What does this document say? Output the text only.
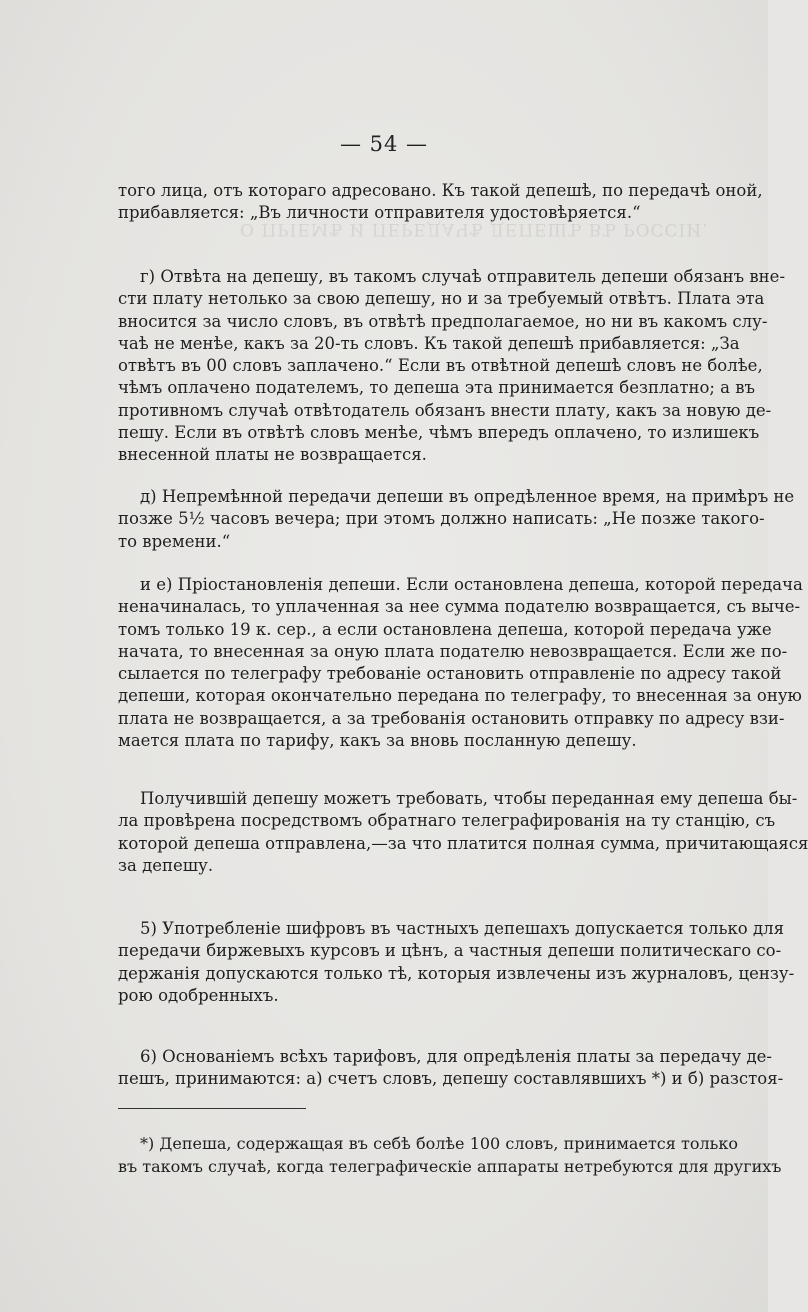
О ПРІЕМѢ И ПЕРЕДАЧѢ ДЕПЕШЪ ВЪ РОССІИ.
— 54 —

того лица, отъ котораго адресовано. Къ такой депешѣ, по передачѣ оной,
прибавляется: „Въ личности отправителя удостовѣряется.“

г) Отвѣта на депешу, въ такомъ случаѣ отправитель депеши обязанъ вне-
сти плату нетолько за свою депешу, но и за требуемый отвѣтъ. Плата эта
вносится за число словъ, въ отвѣтѣ предполагаемое, но ни въ какомъ слу-
чаѣ не менѣе, какъ за 20-ть словъ. Къ такой депешѣ прибавляется: „За
отвѣтъ въ 00 словъ заплачено.“ Если въ отвѣтной депешѣ словъ не болѣе,
чѣмъ оплачено подателемъ, то депеша эта принимается безплатно; а въ
противномъ случаѣ отвѣтодатель обязанъ внести плату, какъ за новую де-
пешу. Если въ отвѣтѣ словъ менѣе, чѣмъ впередъ оплачено, то излишекъ
внесенной платы не возвращается.

д) Непремѣнной передачи депеши въ опредѣленное время, на примѣръ не
позже 5½ часовъ вечера; при этомъ должно написать: „Не позже такого-
то времени.“

и е) Пріостановленія депеши. Если остановлена депеша, которой передача
неначиналась, то уплаченная за нее сумма подателю возвращается, съ выче-
томъ только 19 к. сер., а если остановлена депеша, которой передача уже
начата, то внесенная за оную плата подателю невозвращается. Если же по-
сылается по телеграфу требованіе остановить отправленіе по адресу такой
депеши, которая окончательно передана по телеграфу, то внесенная за оную
плата не возвращается, а за требованія остановить отправку по адресу взи-
мается плата по тарифу, какъ за вновь посланную депешу.

Получившій депешу можетъ требовать, чтобы переданная ему депеша бы-
ла провѣрена посредствомъ обратнаго телеграфированія на ту станцію, съ
которой депеша отправлена,—за что платится полная сумма, причитающаяся
за депешу.

5) Употребленіе шифровъ въ частныхъ депешахъ допускается только для
передачи биржевыхъ курсовъ и цѣнъ, а частныя депеши политическаго со-
держанія допускаются только тѣ, которыя извлечены изъ журналовъ, цензу-
рою одобренныхъ.

6) Основаніемъ всѣхъ тарифовъ, для опредѣленія платы за передачу де-
пешъ, принимаются: а) счетъ словъ, депешу составлявшихъ *) и б) разстоя-

*) Депеша, содержащая въ себѣ болѣе 100 словъ, принимается только
въ такомъ случаѣ, когда телеграфическіе аппараты нетребуются для другихъ
